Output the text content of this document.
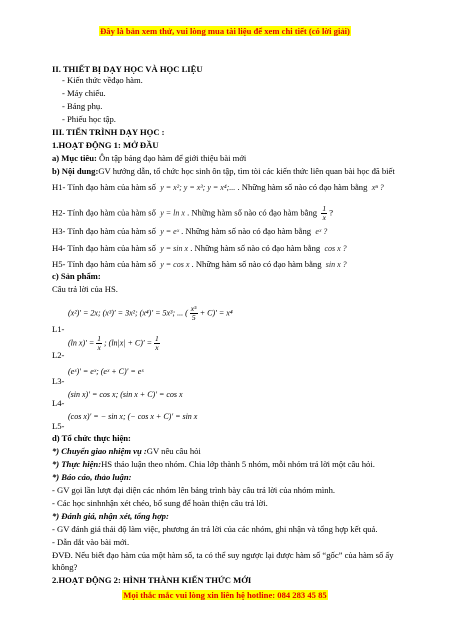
Đây là bản xem thử, vui lòng mua tài liệu để xem chi tiết (có lời giải)
II. THIẾT BỊ DẠY HỌC VÀ HỌC LIỆU
- Kiến thức vềđạo hàm.
- Máy chiếu.
- Bảng phụ.
- Phiếu học tập.
III. TIẾN TRÌNH DẠY HỌC :
1.HOẠT ĐỘNG 1: MỞ ĐẦU
a) Mục tiêu: Ôn tập bảng đạo hàm để giới thiệu bài mới
b) Nội dung:GV hướng dẫn, tổ chức học sinh ôn tập, tìm tòi các kiến thức liên quan bài học đã biết
H1- Tính đạo hàm của hàm số y = x²; y = x³; y = x⁴;... . Những hàm số nào có đạo hàm bằng xⁿ ?
H2- Tính đạo hàm của hàm số y = ln x . Những hàm số nào có đạo hàm bằng $\frac{1}{x}$ ?
H3- Tính đạo hàm của hàm số y = eˣ . Những hàm số nào có đạo hàm bằng eˣ ?
H4- Tính đạo hàm của hàm số y = sin x . Những hàm số nào có đạo hàm bằng cos x ?
H5- Tính đạo hàm của hàm số y = cos x . Những hàm số nào có đạo hàm bằng sin x ?
c) Sản phẩm:
Câu trả lời của HS.
(x²)′ = 2x; (x³)′ = 3x²; (x⁴)′ = 5x³; ... ( $\frac{\text{x⁵}}{5} + C)' = x^4$
L1-
(ln $x)' = \frac{1}{x}$ ; $(\ln|x| + C)' = \frac{1}{x}$
L2-
(eˣ)′ = eˣ; (eˣ + C)′ = eˣ
L3-
(sin x)′ = cos x; (sin x + C)′ = cos x
L4-
(cos x)′ = − sin x; (− cos x + C)′ = sin x
L5-
d) Tổ chức thực hiện:
*) Chuyển giao nhiệm vụ :GV nêu câu hỏi
*) Thực hiện:HS thảo luận theo nhóm. Chia lớp thành 5 nhóm, mỗi nhóm trả lời một câu hỏi.
*) Báo cáo, thảo luận:
- GV gọi lần lượt đại diện các nhóm lên bảng trình bày câu trả lời của nhóm mình.
- Các học sinhnhận xét chéo, bổ sung để hoàn thiện câu trả lời.
*) Đánh giá, nhận xét, tổng hợp:
- GV đánh giá thái độ làm việc, phương án trả lời của các nhóm, ghi nhận và tổng hợp kết quả.
- Dẫn dắt vào bài mới.
ĐVĐ. Nếu biết đạo hàm của một hàm số, ta có thể suy ngược lại được hàm số “gốc” của hàm số ấy
không?
2.HOẠT ĐỘNG 2: HÌNH THÀNH KIẾN THỨC MỚI
Mọi thắc mắc vui lòng xin liên hệ hotline: 084 283 45 85
